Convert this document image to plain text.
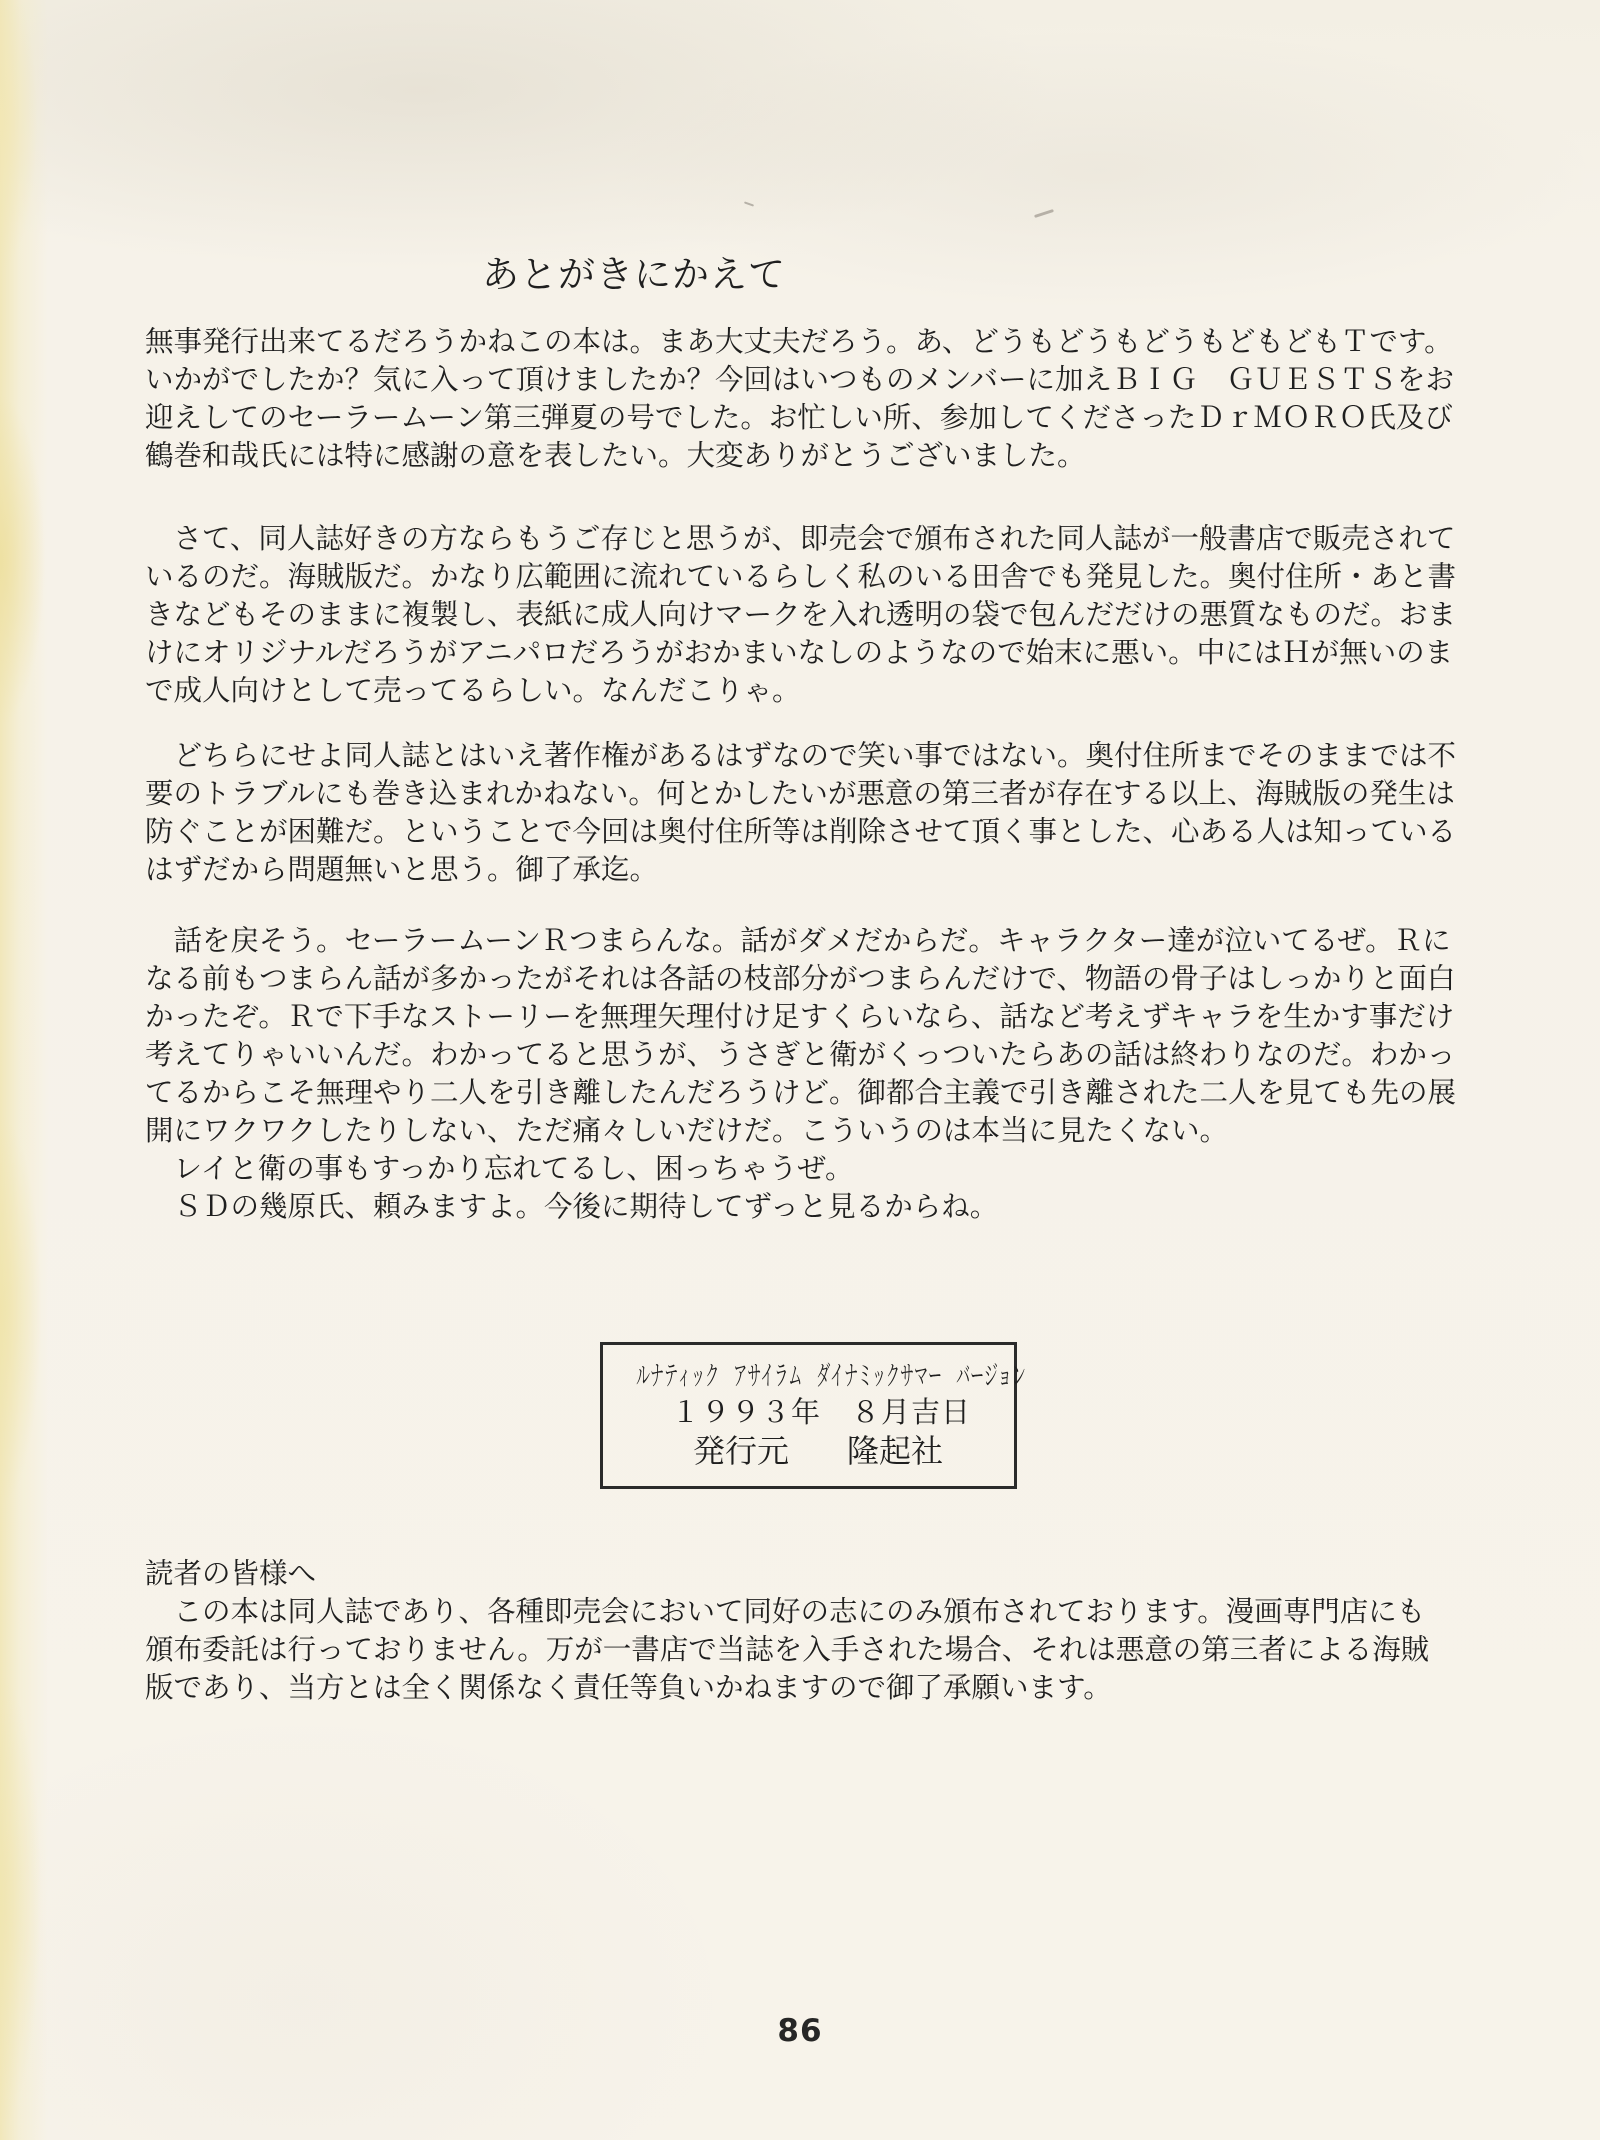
あとがきにかえて
無事発行出来てるだろうかねこの本は。まあ大丈夫だろう。あ、どうもどうもどうもどもどもＴです。
いかがでしたか？気に入って頂けましたか？今回はいつものメンバーに加えＢＩＧ　ＧＵＥＳＴＳをお
迎えしてのセーラームーン第三弾夏の号でした。お忙しい所、参加してくださったＤｒＭＯＲＯ氏及び
鶴巻和哉氏には特に感謝の意を表したい。大変ありがとうございました。
　さて、同人誌好きの方ならもうご存じと思うが、即売会で頒布された同人誌が一般書店で販売されて
いるのだ。海賊版だ。かなり広範囲に流れているらしく私のいる田舎でも発見した。奥付住所・あと書
きなどもそのままに複製し、表紙に成人向けマークを入れ透明の袋で包んだだけの悪質なものだ。おま
けにオリジナルだろうがアニパロだろうがおかまいなしのようなので始末に悪い。中にはＨが無いのま
で成人向けとして売ってるらしい。なんだこりゃ。
　どちらにせよ同人誌とはいえ著作権があるはずなので笑い事ではない。奥付住所までそのままでは不
要のトラブルにも巻き込まれかねない。何とかしたいが悪意の第三者が存在する以上、海賊版の発生は
防ぐことが困難だ。ということで今回は奥付住所等は削除させて頂く事とした、心ある人は知っている
はずだから問題無いと思う。御了承迄。
　話を戻そう。セーラームーンＲつまらんな。話がダメだからだ。キャラクター達が泣いてるぜ。Ｒに
なる前もつまらん話が多かったがそれは各話の枝部分がつまらんだけで、物語の骨子はしっかりと面白
かったぞ。Ｒで下手なストーリーを無理矢理付け足すくらいなら、話など考えずキャラを生かす事だけ
考えてりゃいいんだ。わかってると思うが、うさぎと衛がくっついたらあの話は終わりなのだ。わかっ
てるからこそ無理やり二人を引き離したんだろうけど。御都合主義で引き離された二人を見ても先の展
開にワクワクしたりしない、ただ痛々しいだけだ。こういうのは本当に見たくない。
　レイと衛の事もすっかり忘れてるし、困っちゃうぜ。
　ＳＤの幾原氏、頼みますよ。今後に期待してずっと見るからね。
ルナティック　アサイラム　ダイナミックサマー　バージョン
１９９３年　８月吉日
発行元 隆起社
読者の皆様へ
　この本は同人誌であり、各種即売会において同好の志にのみ頒布されております。漫画専門店にも
頒布委託は行っておりません。万が一書店で当誌を入手された場合、それは悪意の第三者による海賊
版であり、当方とは全く関係なく責任等負いかねますので御了承願います。
86
